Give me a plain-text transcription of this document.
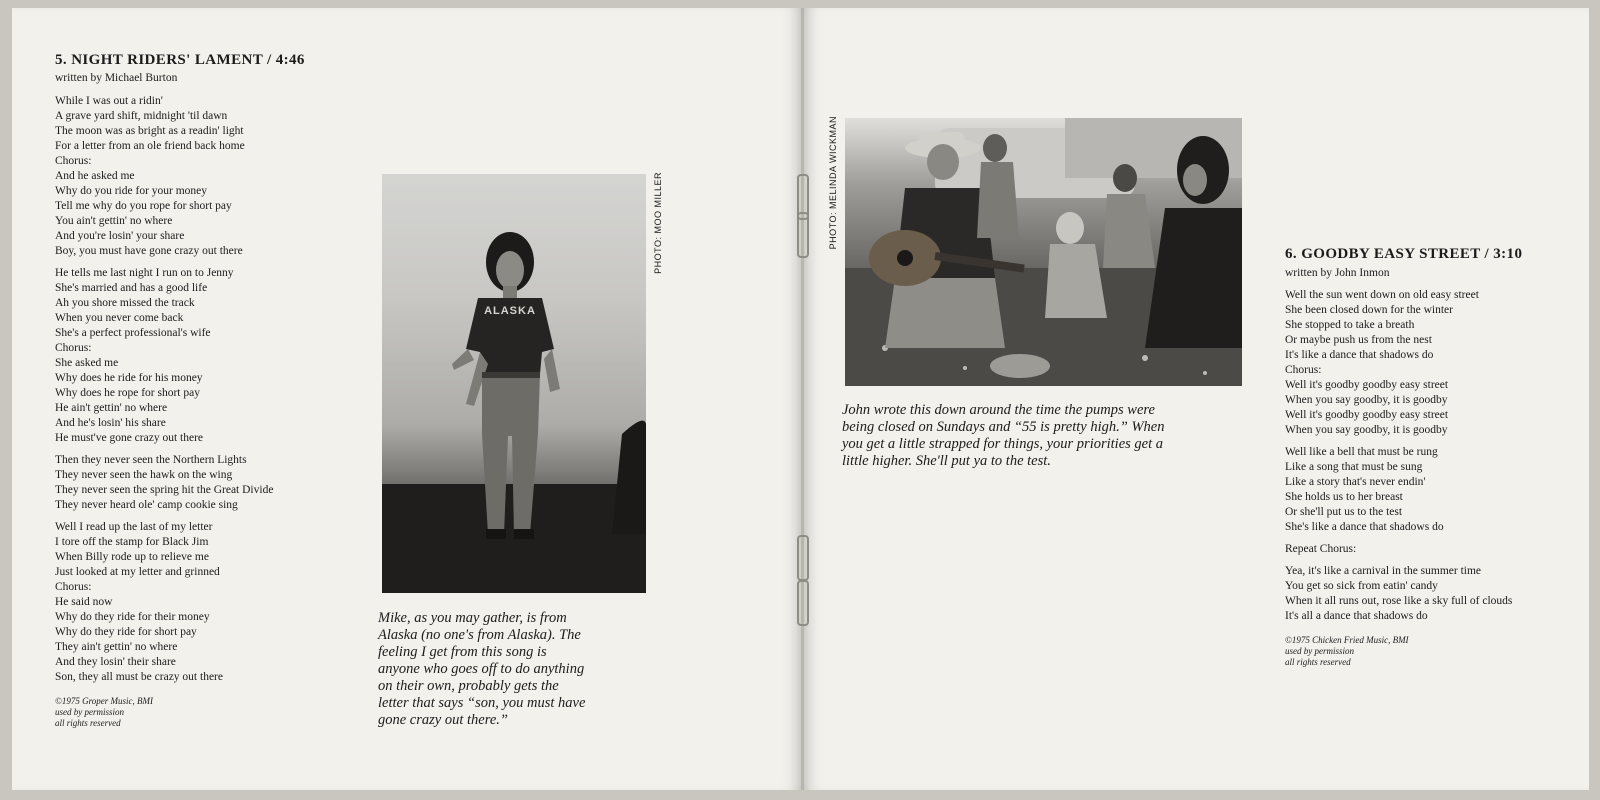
5. NIGHT RIDERS' LAMENT / 4:46
written by Michael Burton
While I was out a ridin'
A grave yard shift, midnight 'til dawn
The moon was as bright as a readin' light
For a letter from an ole friend back home
Chorus:
And he asked me
Why do you ride for your money
Tell me why do you rope for short pay
You ain't gettin' no where
And you're losin' your share
Boy, you must have gone crazy out there
He tells me last night I run on to Jenny
She's married and has a good life
Ah you shore missed the track
When you never come back
She's a perfect professional's wife
Chorus:
She asked me
Why does he ride for his money
Why does he rope for short pay
He ain't gettin' no where
And he's losin' his share
He must've gone crazy out there
Then they never seen the Northern Lights
They never seen the hawk on the wing
They never seen the spring hit the Great Divide
They never heard ole' camp cookie sing
Well I read up the last of my letter
I tore off the stamp for Black Jim
When Billy rode up to relieve me
Just looked at my letter and grinned
Chorus:
He said now
Why do they ride for their money
Why do they ride for short pay
They ain't gettin' no where
And they losin' their share
Son, they all must be crazy out there
©1975 Groper Music, BMI
used by permission
all rights reserved
ALASKA
PHOTO: MOO MILLER
Mike, as you may gather, is from
Alaska (no one's from Alaska). The
feeling I get from this song is
anyone who goes off to do anything
on their own, probably gets the
letter that says “son, you must have
gone crazy out there.”
PHOTO: MELINDA WICKMAN
John wrote this down around the time the pumps were
being closed on Sundays and “55 is pretty high.” When
you get a little strapped for things, your priorities get a
little higher. She'll put ya to the test.
6. GOODBY EASY STREET / 3:10
written by John Inmon
Well the sun went down on old easy street
She been closed down for the winter
She stopped to take a breath
Or maybe push us from the nest
It's like a dance that shadows do
Chorus:
Well it's goodby goodby easy street
When you say goodby, it is goodby
Well it's goodby goodby easy street
When you say goodby, it is goodby
Well like a bell that must be rung
Like a song that must be sung
Like a story that's never endin'
She holds us to her breast
Or she'll put us to the test
She's like a dance that shadows do
Repeat Chorus:
Yea, it's like a carnival in the summer time
You get so sick from eatin' candy
When it all runs out, rose like a sky full of clouds
It's all a dance that shadows do
©1975 Chicken Fried Music, BMI
used by permission
all rights reserved
